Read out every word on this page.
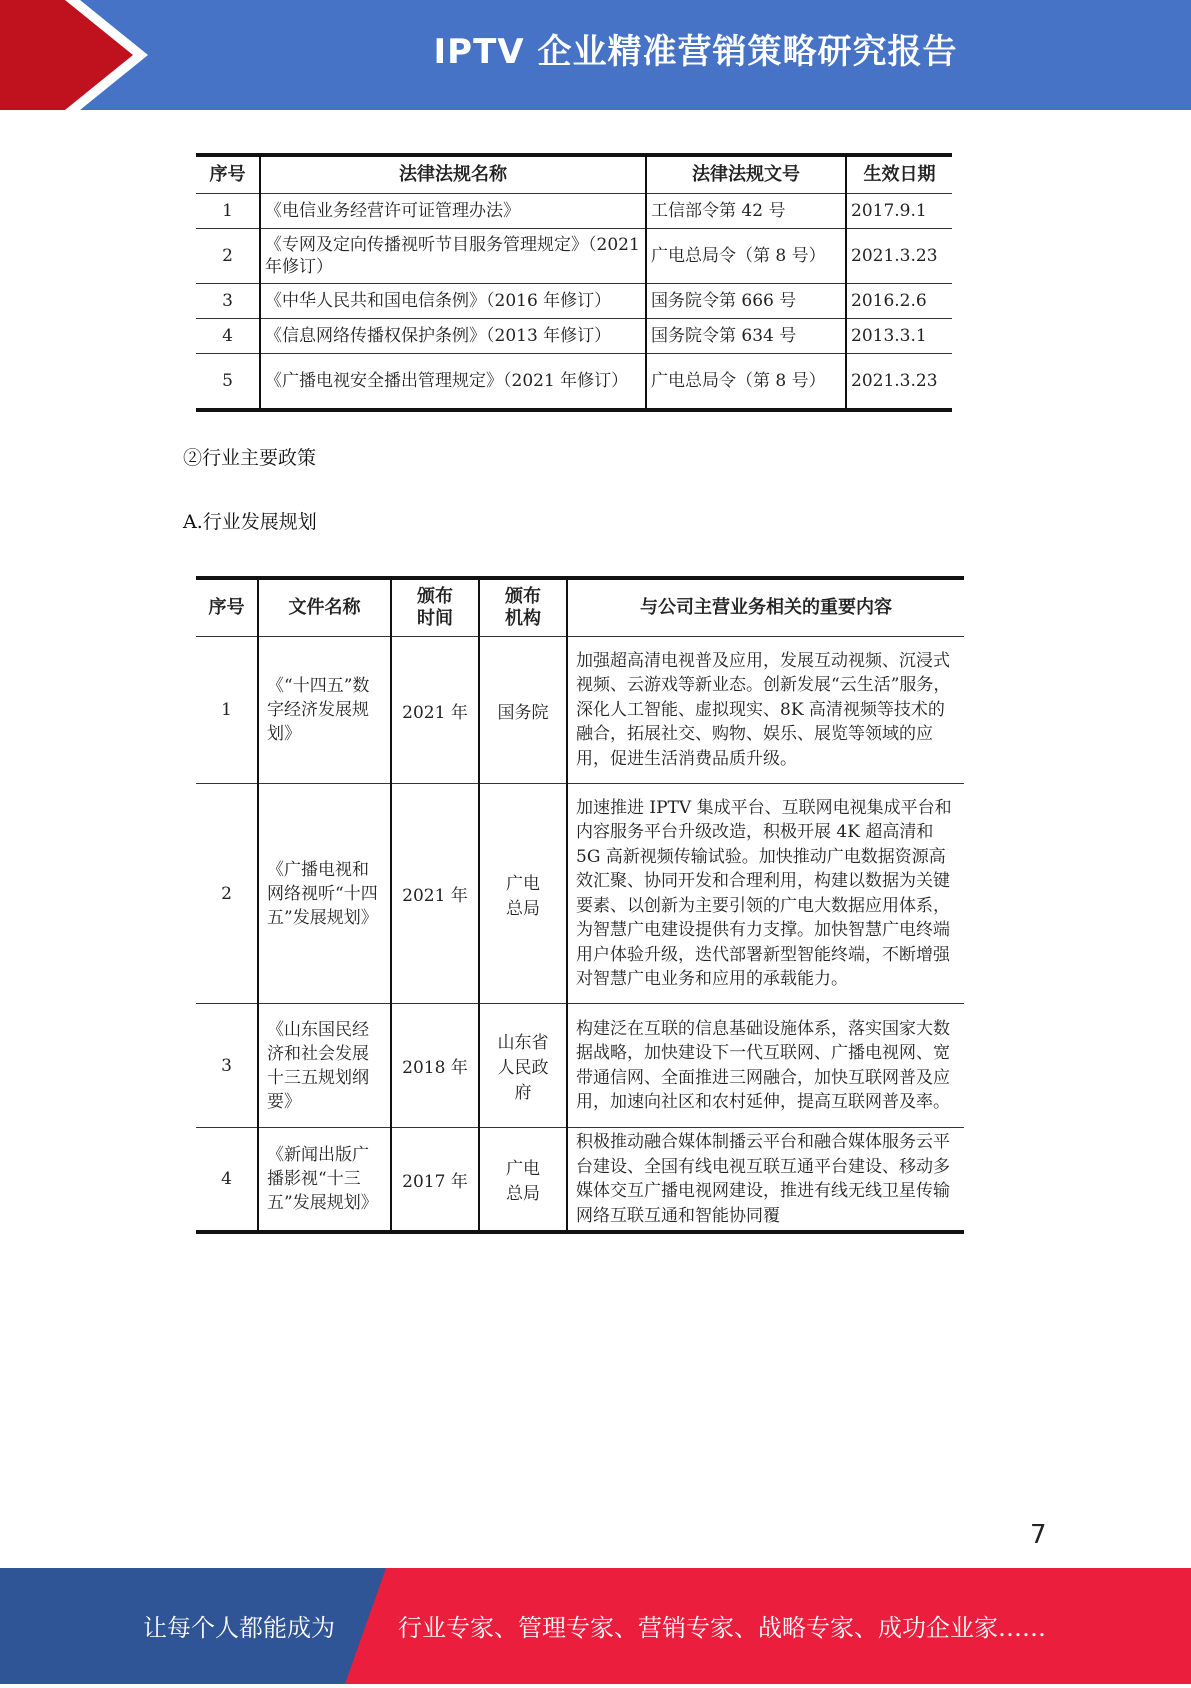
IPTV 企业精准营销策略研究报告
序号	法律法规名称	法律法规文号	生效日期
1	《电信业务经营许可证管理办法》	工信部令第 42 号	2017.9.1
2	《专网及定向传播视听节目服务管理规定》（2021 年修订）	广电总局令（第 8 号）	2021.3.23
3	《中华人民共和国电信条例》（2016 年修订）	国务院令第 666 号	2016.2.6
4	《信息网络传播权保护条例》（2013 年修订）	国务院令第 634 号	2013.3.1
5	《广播电视安全播出管理规定》（2021 年修订）	广电总局令（第 8 号）	2021.3.23
②行业主要政策
A.行业发展规划
序号	文件名称	颁布时间	颁布机构	与公司主营业务相关的重要内容
1	《“十四五”数字经济发展规划》	2021 年	国务院	加强超高清电视普及应用，发展互动视频、沉浸式视频、云游戏等新业态。创新发展“云生活”服务，深化人工智能、虚拟现实、8K 高清视频等技术的融合，拓展社交、购物、娱乐、展览等领域的应用，促进生活消费品质升级。
2	《广播电视和网络视听“十四五”发展规划》	2021 年	广电总局	加速推进 IPTV 集成平台、互联网电视集成平台和内容服务平台升级改造，积极开展 4K 超高清和 5G 高新视频传输试验。加快推动广电数据资源高效汇聚、协同开发和合理利用，构建以数据为关键要素、以创新为主要引领的广电大数据应用体系，为智慧广电建设提供有力支撑。加快智慧广电终端用户体验升级，迭代部署新型智能终端，不断增强对智慧广电业务和应用的承载能力。
3	《山东国民经济和社会发展十三五规划纲要》	2018 年	山东省人民政府	构建泛在互联的信息基础设施体系，落实国家大数据战略，加快建设下一代互联网、广播电视网、宽带通信网、全面推进三网融合，加快互联网普及应用，加速向社区和农村延伸，提高互联网普及率。
4	《新闻出版广播影视“十三五”发展规划》	2017 年	广电总局	积极推动融合媒体制播云平台和融合媒体服务云平台建设、全国有线电视互联互通平台建设、移动多媒体交互广播电视网建设，推进有线无线卫星传输网络互联互通和智能协同覆
7
让每个人都能成为	行业专家、管理专家、营销专家、战略专家、成功企业家……
